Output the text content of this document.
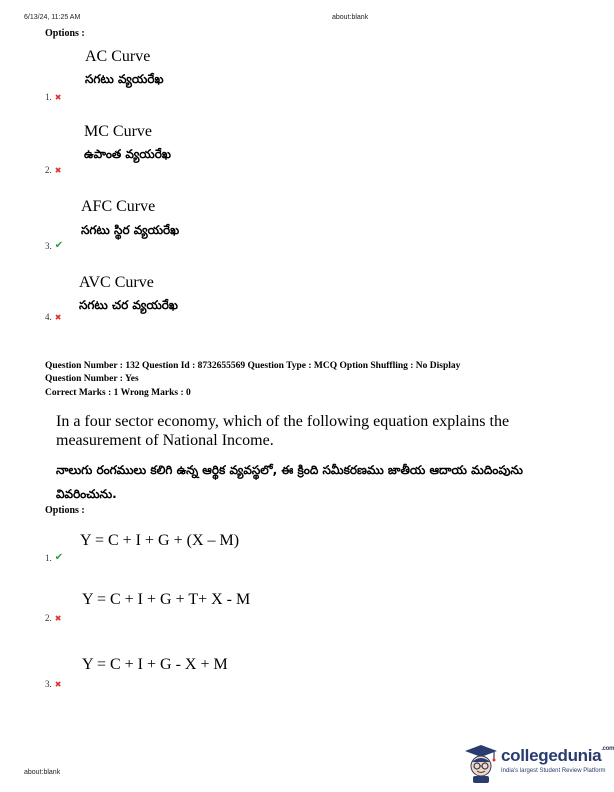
6/13/24, 11:25 AM	about:blank
Options :
AC Curve
సగటు వ్యయరేఖ
1. ✖
MC Curve
ఉపాంత వ్యయరేఖ
2. ✖
AFC Curve
సగటు స్థిర వ్యయరేఖ
3. ✔
AVC Curve
సగటు చర వ్యయరేఖ
4. ✖
Question Number : 132 Question Id : 8732655569 Question Type : MCQ Option Shuffling : No Display
Question Number : Yes
Correct Marks : 1 Wrong Marks : 0
In a four sector economy, which of the following equation explains the measurement of National Income.
నాలుగు రంగములు కలిగి ఉన్న ఆర్థిక వ్యవస్థలో, ఈ క్రింది సమీకరణము జాతీయ ఆదాయ మదింపును వివరించును.
Options :
Y = C + I + G + (X – M)
1. ✔
Y = C + I + G + T+ X - M
2. ✖
Y = C + I + G - X + M
3. ✖
about:blank
collegedunia$^{.com}$
India's largest Student Review Platform
